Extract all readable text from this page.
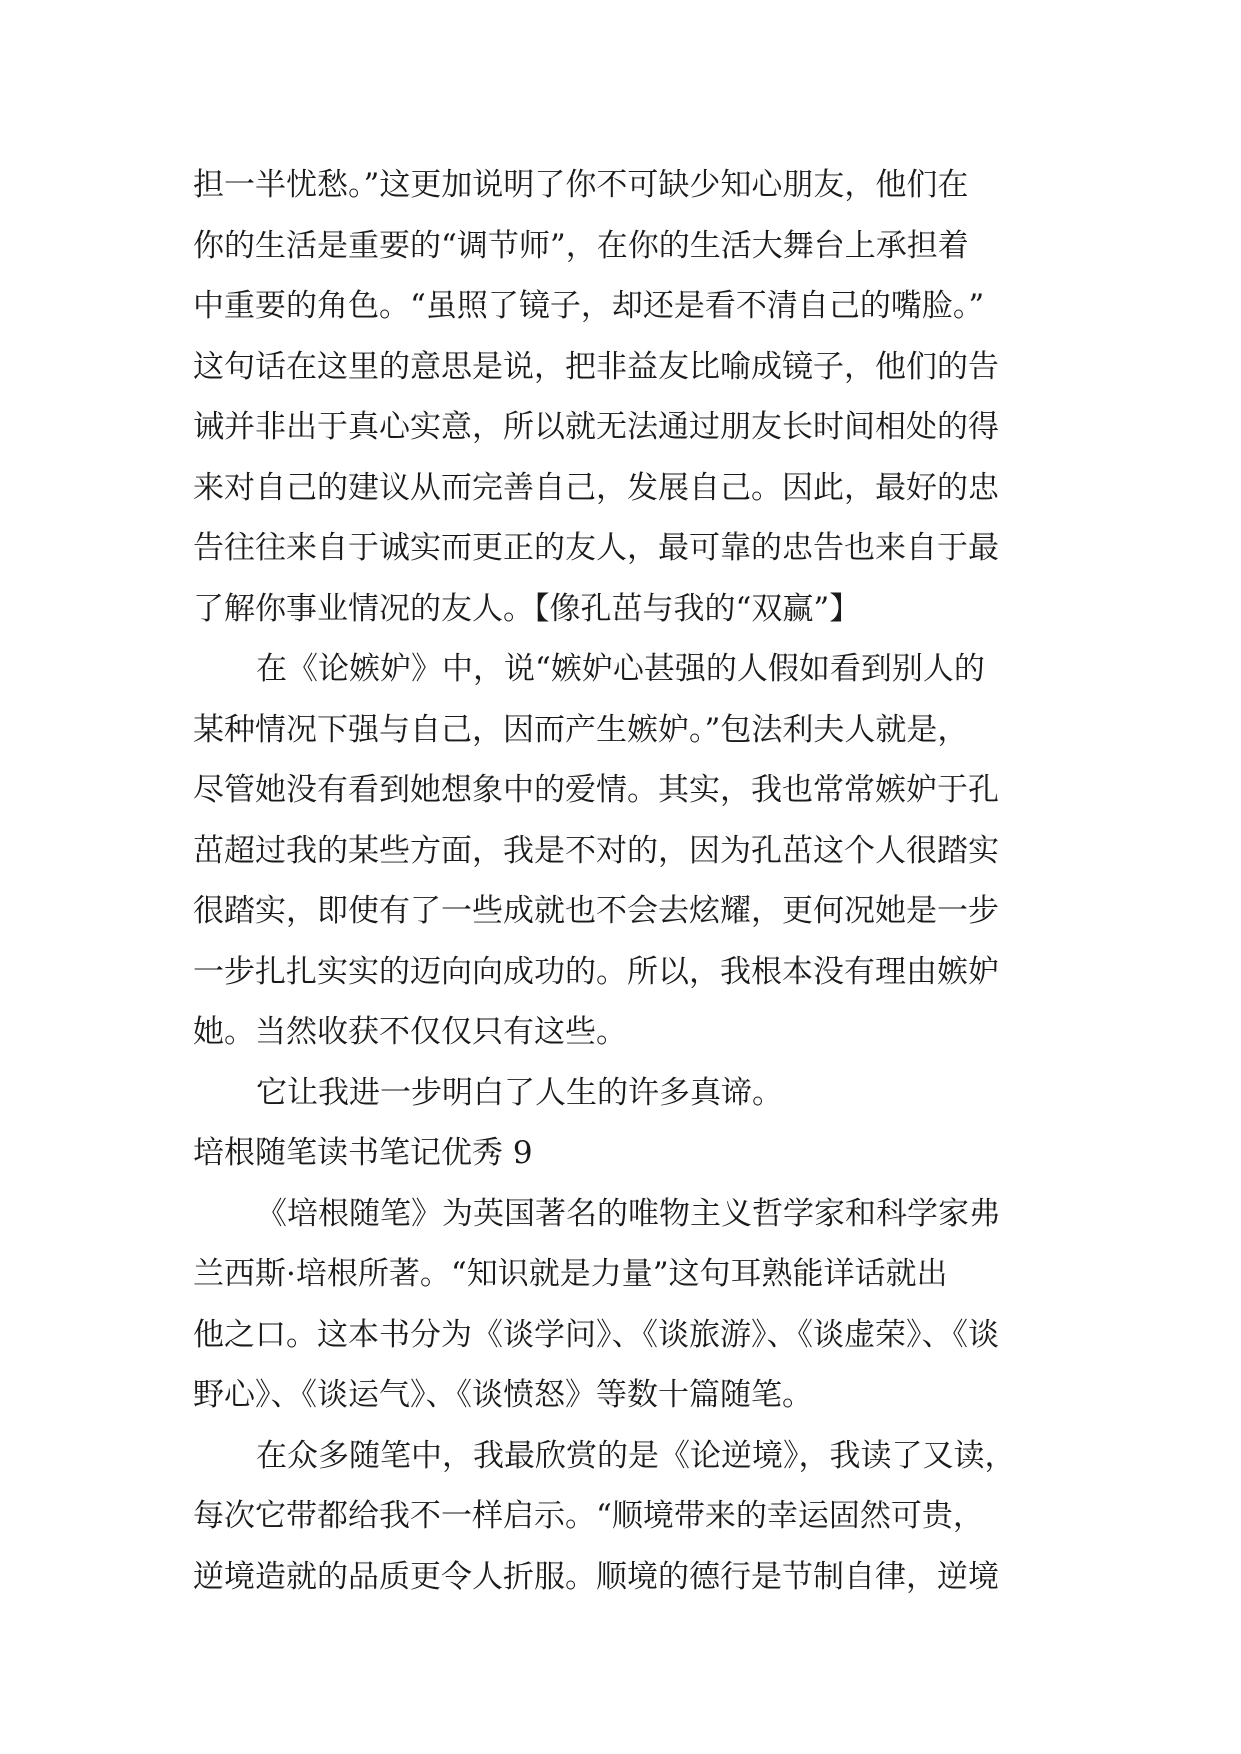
担一半忧愁。”这更加说明了你不可缺少知心朋友，他们在
你的生活是重要的“调节师”，在你的生活大舞台上承担着
中重要的角色。“虽照了镜子，却还是看不清自己的嘴脸。”
这句话在这里的意思是说，把非益友比喻成镜子，他们的告
诫并非出于真心实意，所以就无法通过朋友长时间相处的得
来对自己的建议从而完善自己，发展自己。因此，最好的忠
告往往来自于诚实而更正的友人，最可靠的忠告也来自于最
了解你事业情况的友人。【像孔茁与我的“双赢”】
在《论嫉妒》中，说“嫉妒心甚强的人假如看到别人的
某种情况下强与自己，因而产生嫉妒。”包法利夫人就是，
尽管她没有看到她想象中的爱情。其实，我也常常嫉妒于孔
茁超过我的某些方面，我是不对的，因为孔茁这个人很踏实
很踏实，即使有了一些成就也不会去炫耀，更何况她是一步
一步扎扎实实的迈向向成功的。所以，我根本没有理由嫉妒
她。当然收获不仅仅只有这些。
它让我进一步明白了人生的许多真谛。
培根随笔读书笔记优秀 9
《培根随笔》为英国著名的唯物主义哲学家和科学家弗
兰西斯·培根所著。“知识就是力量”这句耳熟能详话就出
他之口。这本书分为《谈学问》、《谈旅游》、《谈虚荣》、《谈
野心》、《谈运气》、《谈愤怒》等数十篇随笔。
在众多随笔中，我最欣赏的是《论逆境》，我读了又读，
每次它带都给我不一样启示。“顺境带来的幸运固然可贵，
逆境造就的品质更令人折服。顺境的德行是节制自律，逆境
